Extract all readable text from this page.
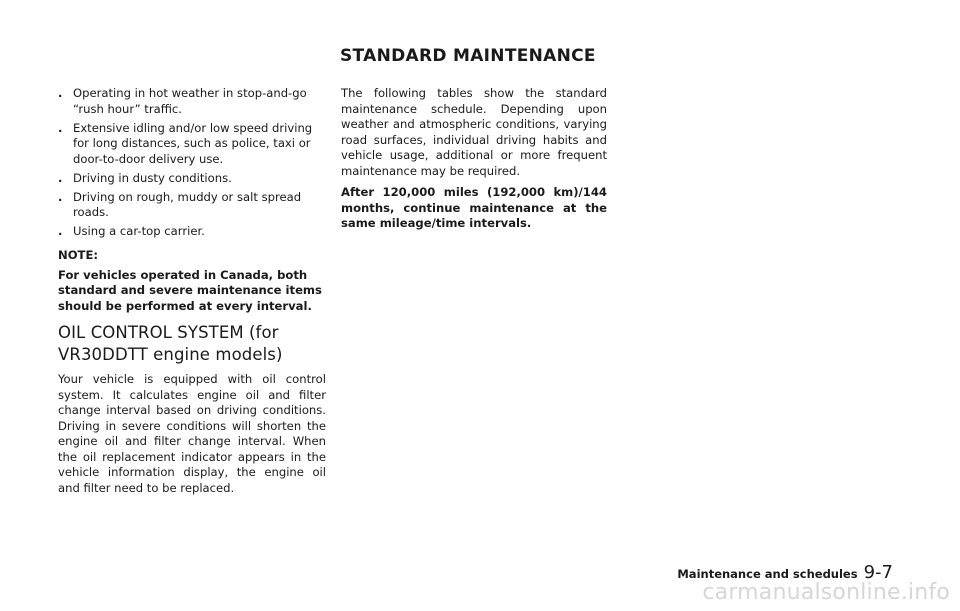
STANDARD MAINTENANCE
. Operating in hot weather in stop-and-go “rush hour” traffic.
. Extensive idling and/or low speed driving for long distances, such as police, taxi or door-to-door delivery use.
. Driving in dusty conditions.
. Driving on rough, muddy or salt spread roads.
. Using a car-top carrier.
NOTE:

For vehicles operated in Canada, both standard and severe maintenance items should be performed at every interval.

OIL CONTROL SYSTEM (for VR30DDTT engine models)

Your vehicle is equipped with oil control system. It calculates engine oil and filter change interval based on driving conditions. Driving in severe conditions will shorten the engine oil and filter change interval. When the oil replacement indicator appears in the vehicle information display, the engine oil and filter need to be replaced.

The following tables show the standard maintenance schedule. Depending upon weather and atmospheric conditions, varying road surfaces, individual driving habits and vehicle usage, additional or more frequent maintenance may be required.

After 120,000 miles (192,000 km)/144 months, continue maintenance at the same mileage/time intervals.

Maintenance and schedules 9-7
carmanualsonline.info
